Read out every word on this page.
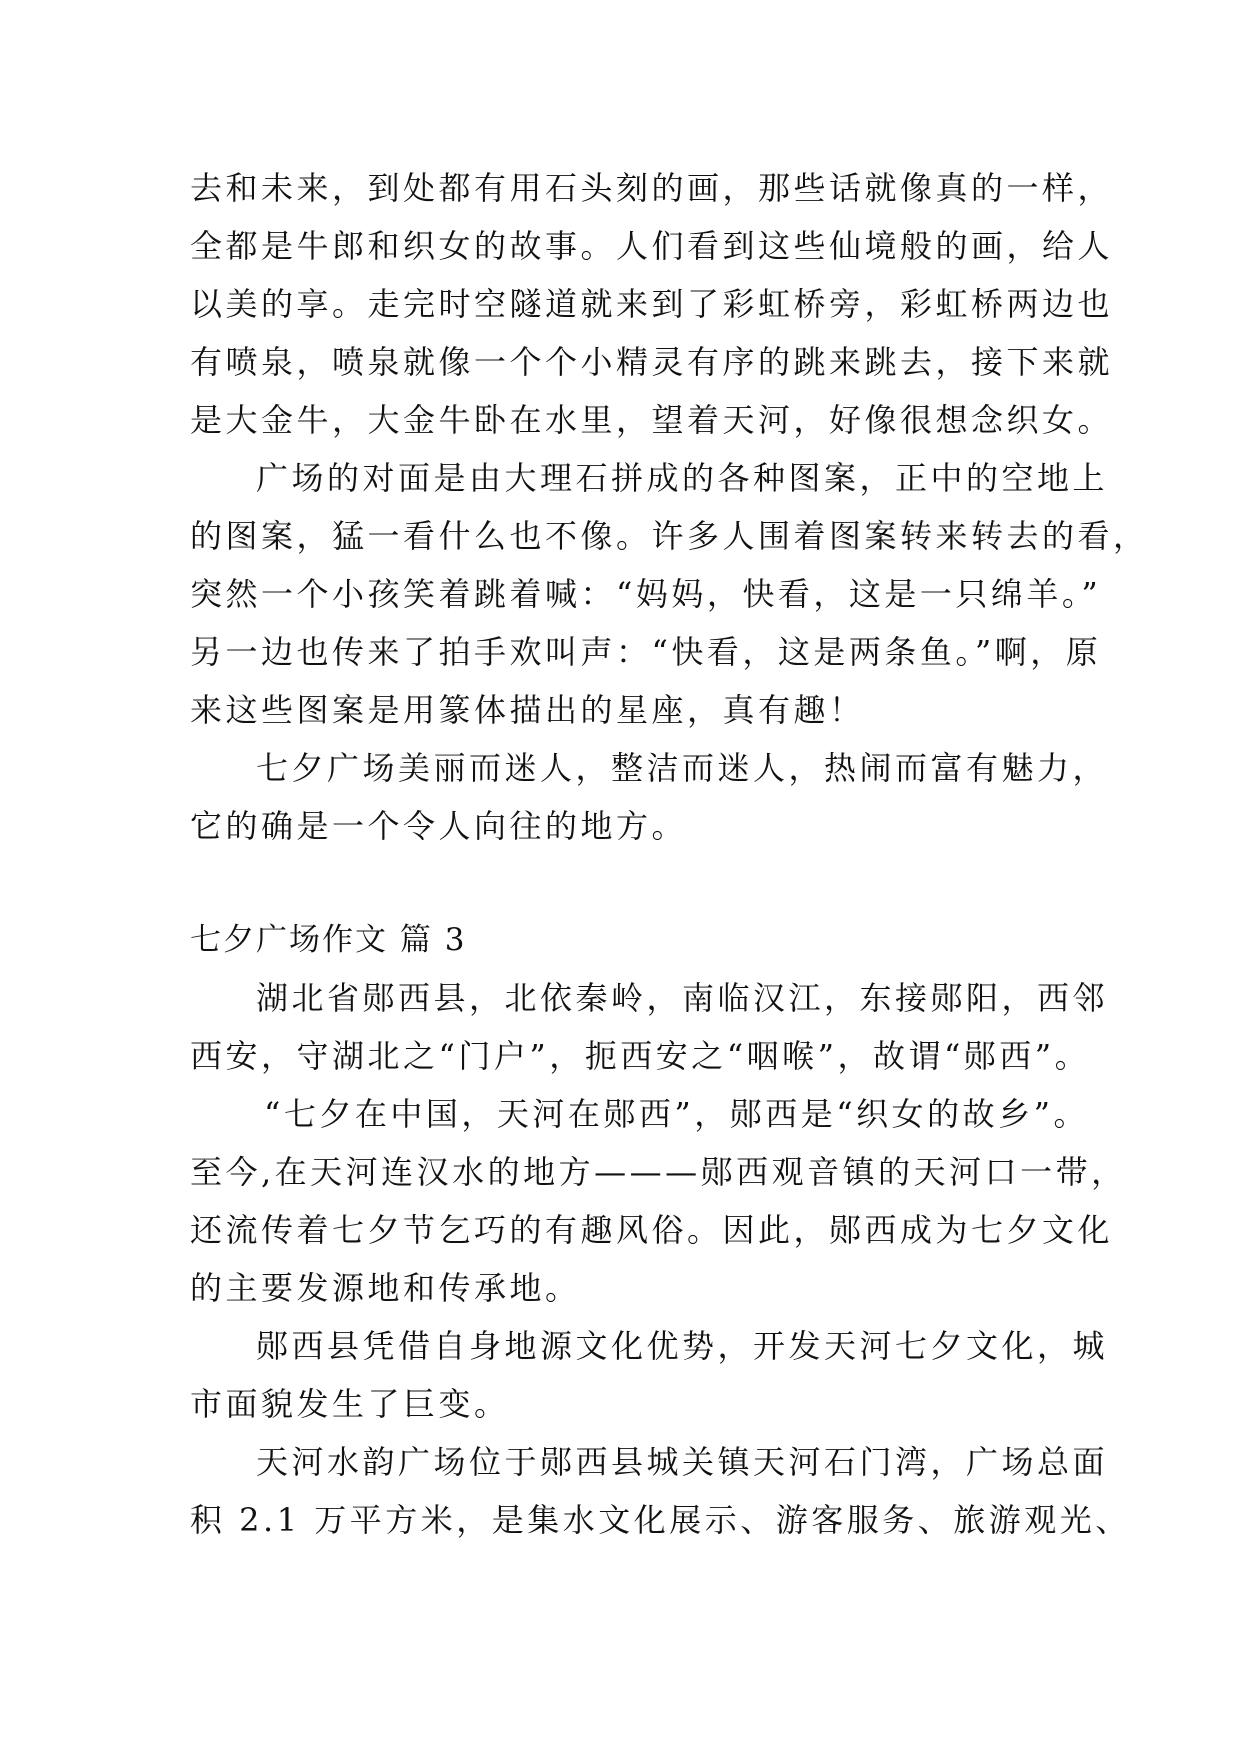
去和未来，到处都有用石头刻的画，那些话就像真的一样，
全都是牛郎和织女的故事。人们看到这些仙境般的画，给人
以美的享。走完时空隧道就来到了彩虹桥旁，彩虹桥两边也
有喷泉，喷泉就像一个个小精灵有序的跳来跳去，接下来就
是大金牛，大金牛卧在水里，望着天河，好像很想念织女。
广场的对面是由大理石拼成的各种图案，正中的空地上
的图案，猛一看什么也不像。许多人围着图案转来转去的看，
突然一个小孩笑着跳着喊：“妈妈，快看，这是一只绵羊。”
另一边也传来了拍手欢叫声：“快看，这是两条鱼。”啊，原
来这些图案是用篆体描出的星座，真有趣！
七夕广场美丽而迷人，整洁而迷人，热闹而富有魅力，
它的确是一个令人向往的地方。
七夕广场作文 篇 3
湖北省郧西县，北依秦岭，南临汉江，东接郧阳，西邻
西安，守湖北之“门户”，扼西安之“咽喉”，故谓“郧西”。
“七夕在中国，天河在郧西”，郧西是“织女的故乡”。
至今,在天河连汉水的地方———郧西观音镇的天河口一带，
还流传着七夕节乞巧的有趣风俗。因此，郧西成为七夕文化
的主要发源地和传承地。
郧西县凭借自身地源文化优势，开发天河七夕文化，城
市面貌发生了巨变。
天河水韵广场位于郧西县城关镇天河石门湾，广场总面
积 2.1 万平方米，是集水文化展示、游客服务、旅游观光、
